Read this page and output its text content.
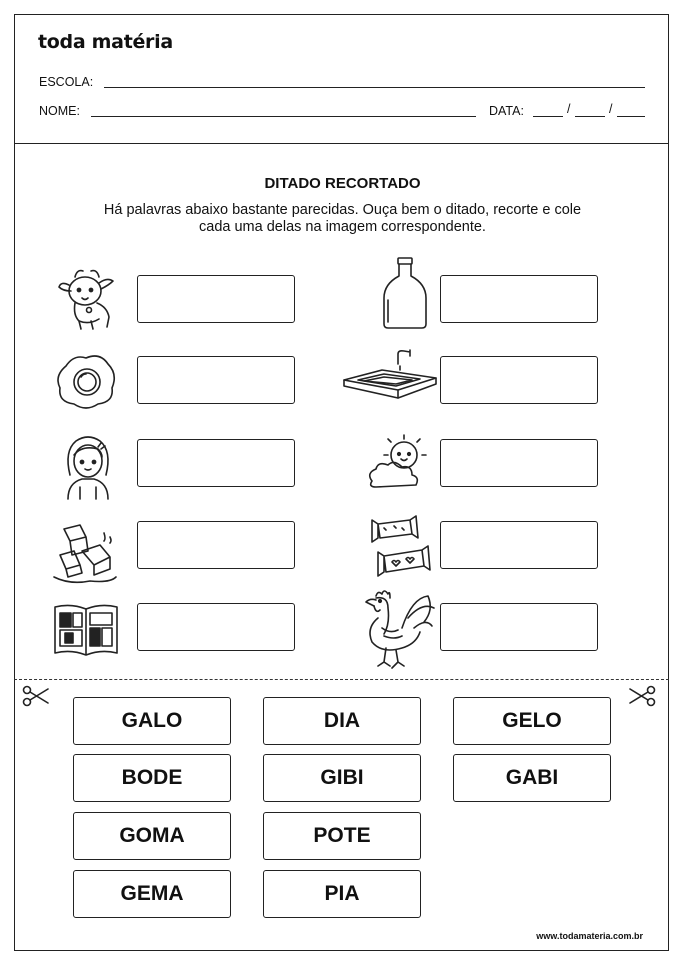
toda matéria
ESCOLA:
NOME:	DATA:	/	/
DITADO RECORTADO
Há palavras abaixo bastante parecidas. Ouça bem o ditado, recorte e cole cada uma delas na imagem correspondente.
GALO	DIA	GELO
BODE	GIBI	GABI
GOMA	POTE
GEMA	PIA
www.todamateria.com.br
